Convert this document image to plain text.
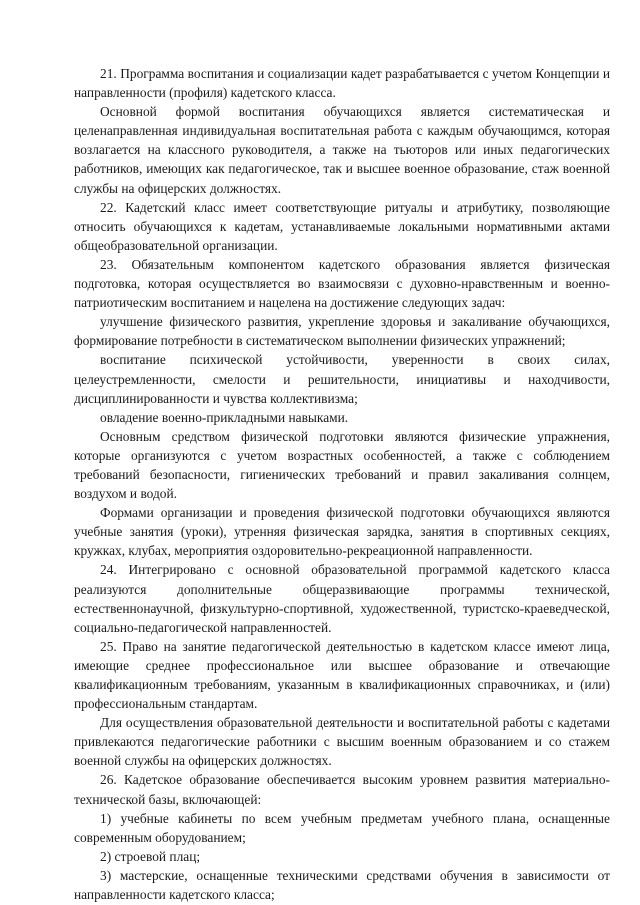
21. Программа воспитания и социализации кадет разрабатывается с учетом Концепции и направленности (профиля) кадетского класса.

Основной формой воспитания обучающихся является систематическая и целенаправленная индивидуальная воспитательная работа с каждым обучающимся, которая возлагается на классного руководителя, а также на тьюторов или иных педагогических работников, имеющих как педагогическое, так и высшее военное образование, стаж военной службы на офицерских должностях.

22. Кадетский класс имеет соответствующие ритуалы и атрибутику, позволяющие относить обучающихся к кадетам, устанавливаемые локальными нормативными актами общеобразовательной организации.

23. Обязательным компонентом кадетского образования является физическая подготовка, которая осуществляется во взаимосвязи с духовно-нравственным и военно-патриотическим воспитанием и нацелена на достижение следующих задач:

улучшение физического развития, укрепление здоровья и закаливание обучающихся, формирование потребности в систематическом выполнении физических упражнений;

воспитание психической устойчивости, уверенности в своих силах, целеустремленности, смелости и решительности, инициативы и находчивости, дисциплинированности и чувства коллективизма;

овладение военно-прикладными навыками.

Основным средством физической подготовки являются физические упражнения, которые организуются с учетом возрастных особенностей, а также с соблюдением требований безопасности, гигиенических требований и правил закаливания солнцем, воздухом и водой.

Формами организации и проведения физической подготовки обучающихся являются учебные занятия (уроки), утренняя физическая зарядка, занятия в спортивных секциях, кружках, клубах, мероприятия оздоровительно-рекреационной направленности.

24. Интегрировано с основной образовательной программой кадетского класса реализуются дополнительные общеразвивающие программы технической, естественнонаучной, физкультурно-спортивной, художественной, туристско-краеведческой, социально-педагогической направленностей.

25. Право на занятие педагогической деятельностью в кадетском классе имеют лица, имеющие среднее профессиональное или высшее образование и отвечающие квалификационным требованиям, указанным в квалификационных справочниках, и (или) профессиональным стандартам.

Для осуществления образовательной деятельности и воспитательной работы с кадетами привлекаются педагогические работники с высшим военным образованием и со стажем военной службы на офицерских должностях.

26. Кадетское образование обеспечивается высоким уровнем развития материально-технической базы, включающей:

1) учебные кабинеты по всем учебным предметам учебного плана, оснащенные современным оборудованием;

2) строевой плац;

3) мастерские, оснащенные техническими средствами обучения в зависимости от направленности кадетского класса;
